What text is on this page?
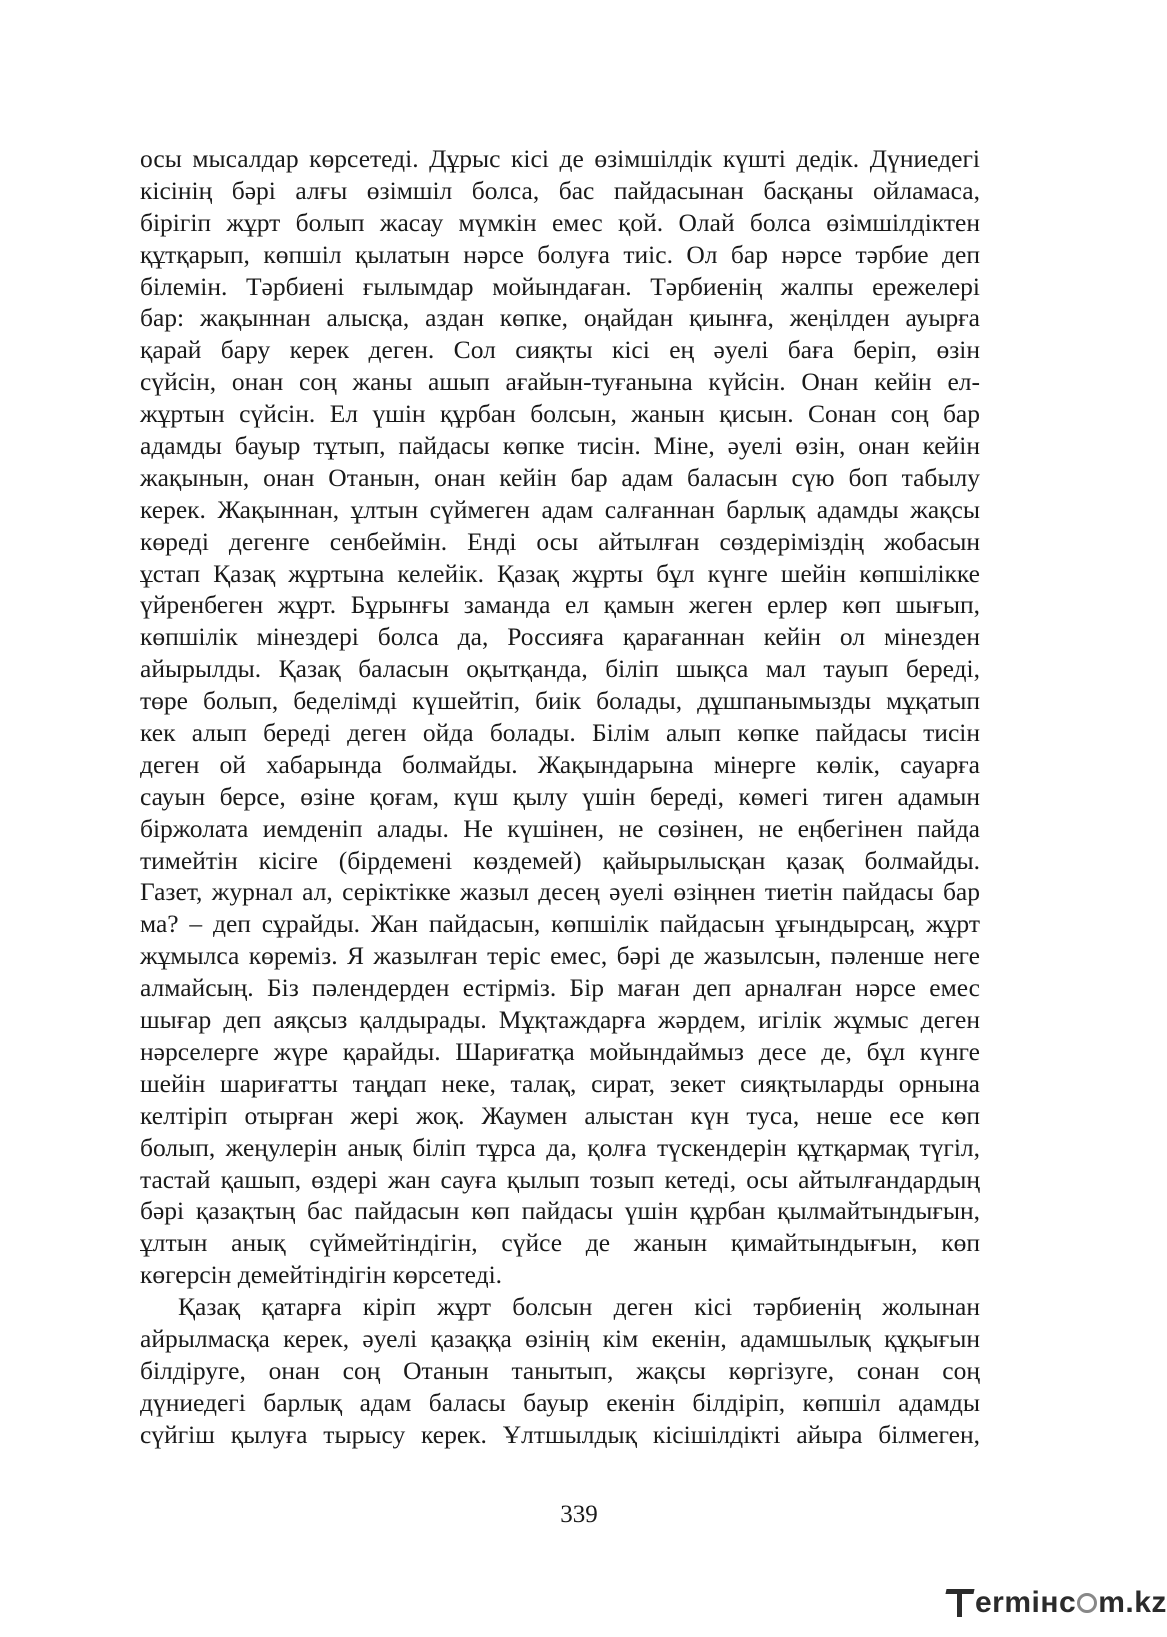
осы мысалдар көрсетеді. Дұрыс кісі де өзімшілдік күшті дедік. Дүниедегі
кісінің бәрі алғы өзімшіл болса, бас пайдасынан басқаны ойламаса,
бірігіп жұрт болып жасау мүмкін емес қой. Олай болса өзімшілдіктен
құтқарып, көпшіл қылатын нәрсе болуға тиіс. Ол бар нәрсе тәрбие деп
білемін. Тәрбиені ғылымдар мойындаған. Тәрбиенің жалпы ережелері
бар: жақыннан алысқа, аздан көпке, оңайдан қиынға, жеңілден ауырға
қарай бару керек деген. Сол сияқты кісі ең әуелі баға беріп, өзін
сүйсін, онан соң жаны ашып ағайын-туғанына күйсін. Онан кейін ел-
жұртын сүйсін. Ел үшін құрбан болсын, жанын қисын. Сонан соң бар
адамды бауыр тұтып, пайдасы көпке тисін. Міне, әуелі өзін, онан кейін
жақынын, онан Отанын, онан кейін бар адам баласын сүю боп табылу
керек. Жақыннан, ұлтын сүймеген адам салғаннан барлық адамды жақсы
көреді дегенге сенбеймін. Енді осы айтылған сөздеріміздің жобасын
ұстап Қазақ жұртына келейік. Қазақ жұрты бұл күнге шейін көпшілікке
үйренбеген жұрт. Бұрынғы заманда ел қамын жеген ерлер көп шығып,
көпшілік мінездері болса да, Россияға қарағаннан кейін ол мінезден
айырылды. Қазақ баласын оқытқанда, біліп шықса мал тауып береді,
төре болып, беделімді күшейтіп, биік болады, дұшпанымызды мұқатып
кек алып береді деген ойда болады. Білім алып көпке пайдасы тисін
деген ой хабарында болмайды. Жақындарына мінерге көлік, сауарға
сауын берсе, өзіне қоғам, күш қылу үшін береді, көмегі тиген адамын
біржолата иемденіп алады. Не күшінен, не сөзінен, не еңбегінен пайда
тимейтін кісіге (бірдемені көздемей) қайырылысқан қазақ болмайды.
Газет, журнал ал, серіктікке жазыл десең әуелі өзіңнен тиетін пайдасы бар
ма? – деп сұрайды. Жан пайдасын, көпшілік пайдасын ұғындырсаң, жұрт
жұмылса көреміз. Я жазылған теріс емес, бәрі де жазылсын, пәленше неге
алмайсың. Біз пәлендерден естірміз. Бір маған деп арналған нәрсе емес
шығар деп аяқсыз қалдырады. Мұқтаждарға жәрдем, игілік жұмыс деген
нәрселерге жүре қарайды. Шариғатқа мойындаймыз десе де, бұл күнге
шейін шариғатты таңдап неке, талақ, сират, зекет сияқтыларды орнына
келтіріп отырған жері жоқ. Жаумен алыстан күн туса, неше есе көп
болып, жеңулерін анық біліп тұрса да, қолға түскендерін құтқармақ түгіл,
тастай қашып, өздері жан сауға қылып тозып кетеді, осы айтылғандардың
бәрі қазақтың бас пайдасын көп пайдасы үшін құрбан қылмайтындығын,
ұлтын анық сүймейтіндігін, сүйсе де жанын қимайтындығын, көп
көгерсін демейтіндігін көрсетеді.
Қазақ қатарға кіріп жұрт болсын деген кісі тәрбиенің жолынан
айрылмасқа керек, әуелі қазаққа өзінің кім екенін, адамшылық құқығын
білдіруге, онан соң Отанын танытып, жақсы көргізуге, сонан соң
дүниедегі барлық адам баласы бауыр екенін білдіріп, көпшіл адамды
сүйгіш қылуға тырысу керек. Ұлтшылдық кісішілдікті айыра білмеген,
339
ermінc m.kz
